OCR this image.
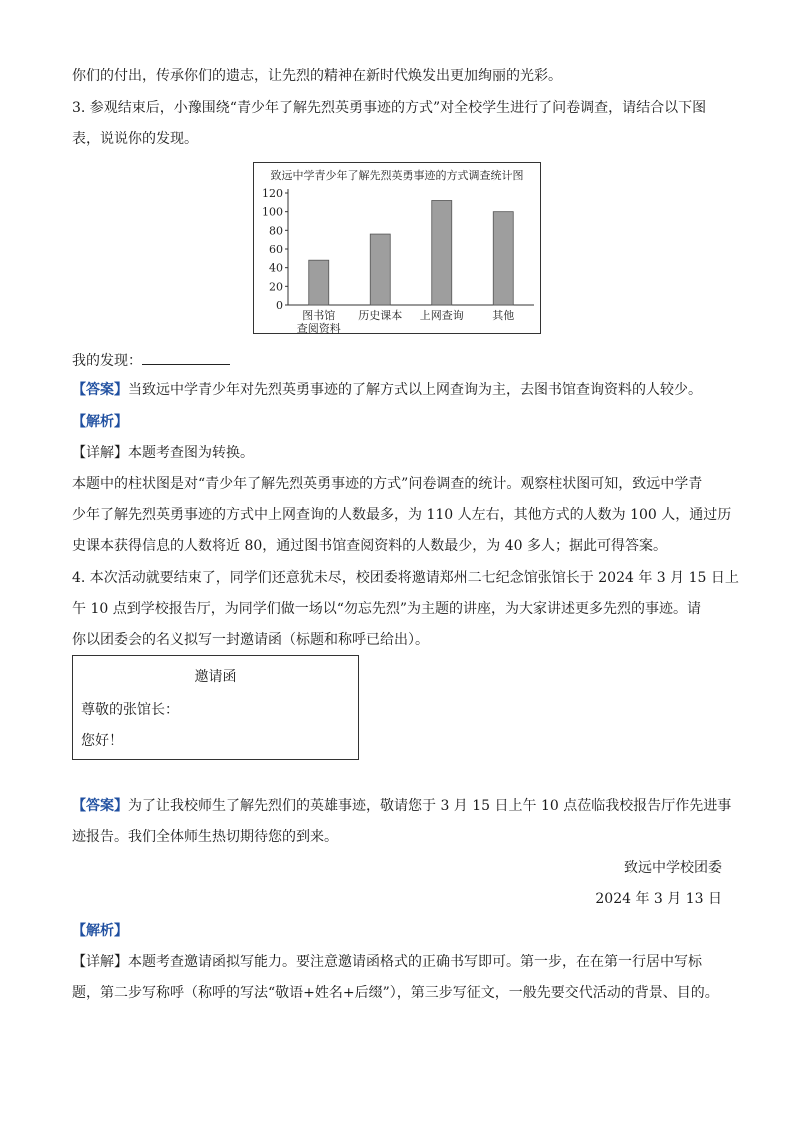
你们的付出，传承你们的遗志，让先烈的精神在新时代焕发出更加绚丽的光彩。
3. 参观结束后，小豫围绕“青少年了解先烈英勇事迹的方式”对全校学生进行了问卷调查，请结合以下图
表，说说你的发现。
致远中学青少年了解先烈英勇事迹的方式调查统计图
0
20
40
60
80
100
120
图书馆查阅资料
历史课本 上网查询	其他
我的发现：
【答案】当致远中学青少年对先烈英勇事迹的了解方式以上网查询为主，去图书馆查询资料的人较少。
【解析】
【详解】本题考查图为转换。
本题中的柱状图是对“青少年了解先烈英勇事迹的方式”问卷调查的统计。观察柱状图可知，致远中学青
少年了解先烈英勇事迹的方式中上网查询的人数最多，为 110 人左右，其他方式的人数为 100 人，通过历
史课本获得信息的人数将近 80，通过图书馆查阅资料的人数最少，为 40 多人；据此可得答案。
4. 本次活动就要结束了，同学们还意犹未尽，校团委将邀请郑州二七纪念馆张馆长于 2024 年 3 月 15 日上
午 10 点到学校报告厅，为同学们做一场以“勿忘先烈”为主题的讲座，为大家讲述更多先烈的事迹。请
你以团委会的名义拟写一封邀请函（标题和称呼已给出）。
邀请函
尊敬的张馆长：
您好！
【答案】为了让我校师生了解先烈们的英雄事迹，敬请您于 3 月 15 日上午 10 点莅临我校报告厅作先进事
迹报告。我们全体师生热切期待您的到来。
致远中学校团委
2024 年 3 月 13 日
【解析】
【详解】本题考查邀请函拟写能力。要注意邀请函格式的正确书写即可。第一步，在在第一行居中写标
题，第二步写称呼（称呼的写法“敬语+姓名+后缀”），第三步写征文，一般先要交代活动的背景、目的。
